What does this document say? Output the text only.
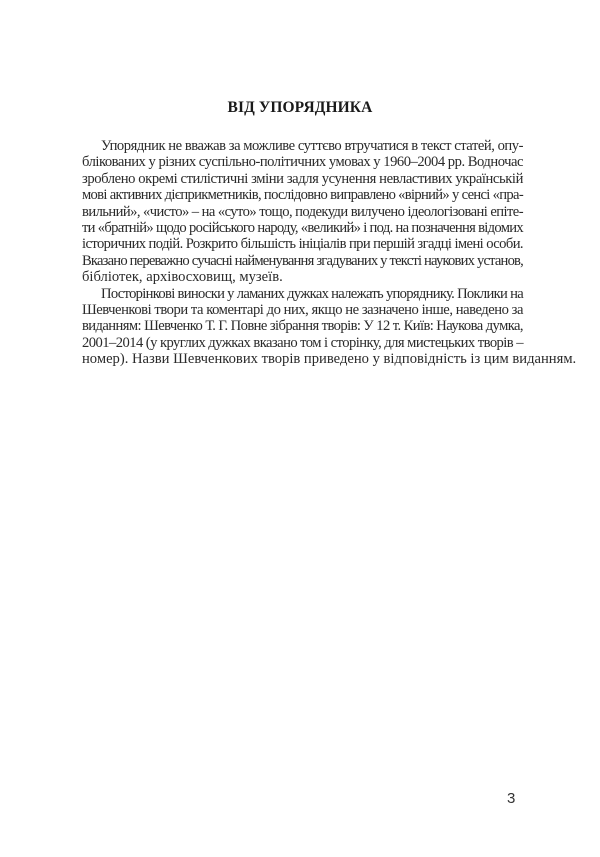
ВІД УПОРЯДНИКА
Упорядник не вважав за можливе суттєво втручатися в текст статей, опу-
блікованих у різних суспільно-політичних умовах у 1960–2004 рр. Водночас
зроблено окремі стилістичні зміни задля усунення невластивих українській
мові активних дієприкметників, послідовно виправлено «вірний» у сенсі «пра-
вильний», «чисто» – на «суто» тощо, подекуди вилучено ідеологізовані епіте-
ти «братній» щодо російського народу, «великий» і под. на позначення відомих
історичних подій. Розкрито більшість ініціалів при першій згадці імені особи.
Вказано переважно сучасні найменування згадуваних у тексті наукових установ,
бібліотек, архівосховищ, музеїв.
Посторінкові виноски у ламаних дужках належать упоряднику. Поклики на
Шевченкові твори та коментарі до них, якщо не зазначено інше, наведено за
виданням: Шевченко Т. Г. Повне зібрання творів: У 12 т. Київ: Наукова думка,
2001–2014 (у круглих дужках вказано том і сторінку, для мистецьких творів –
номер). Назви Шевченкових творів приведено у відповідність із цим виданням.
3
